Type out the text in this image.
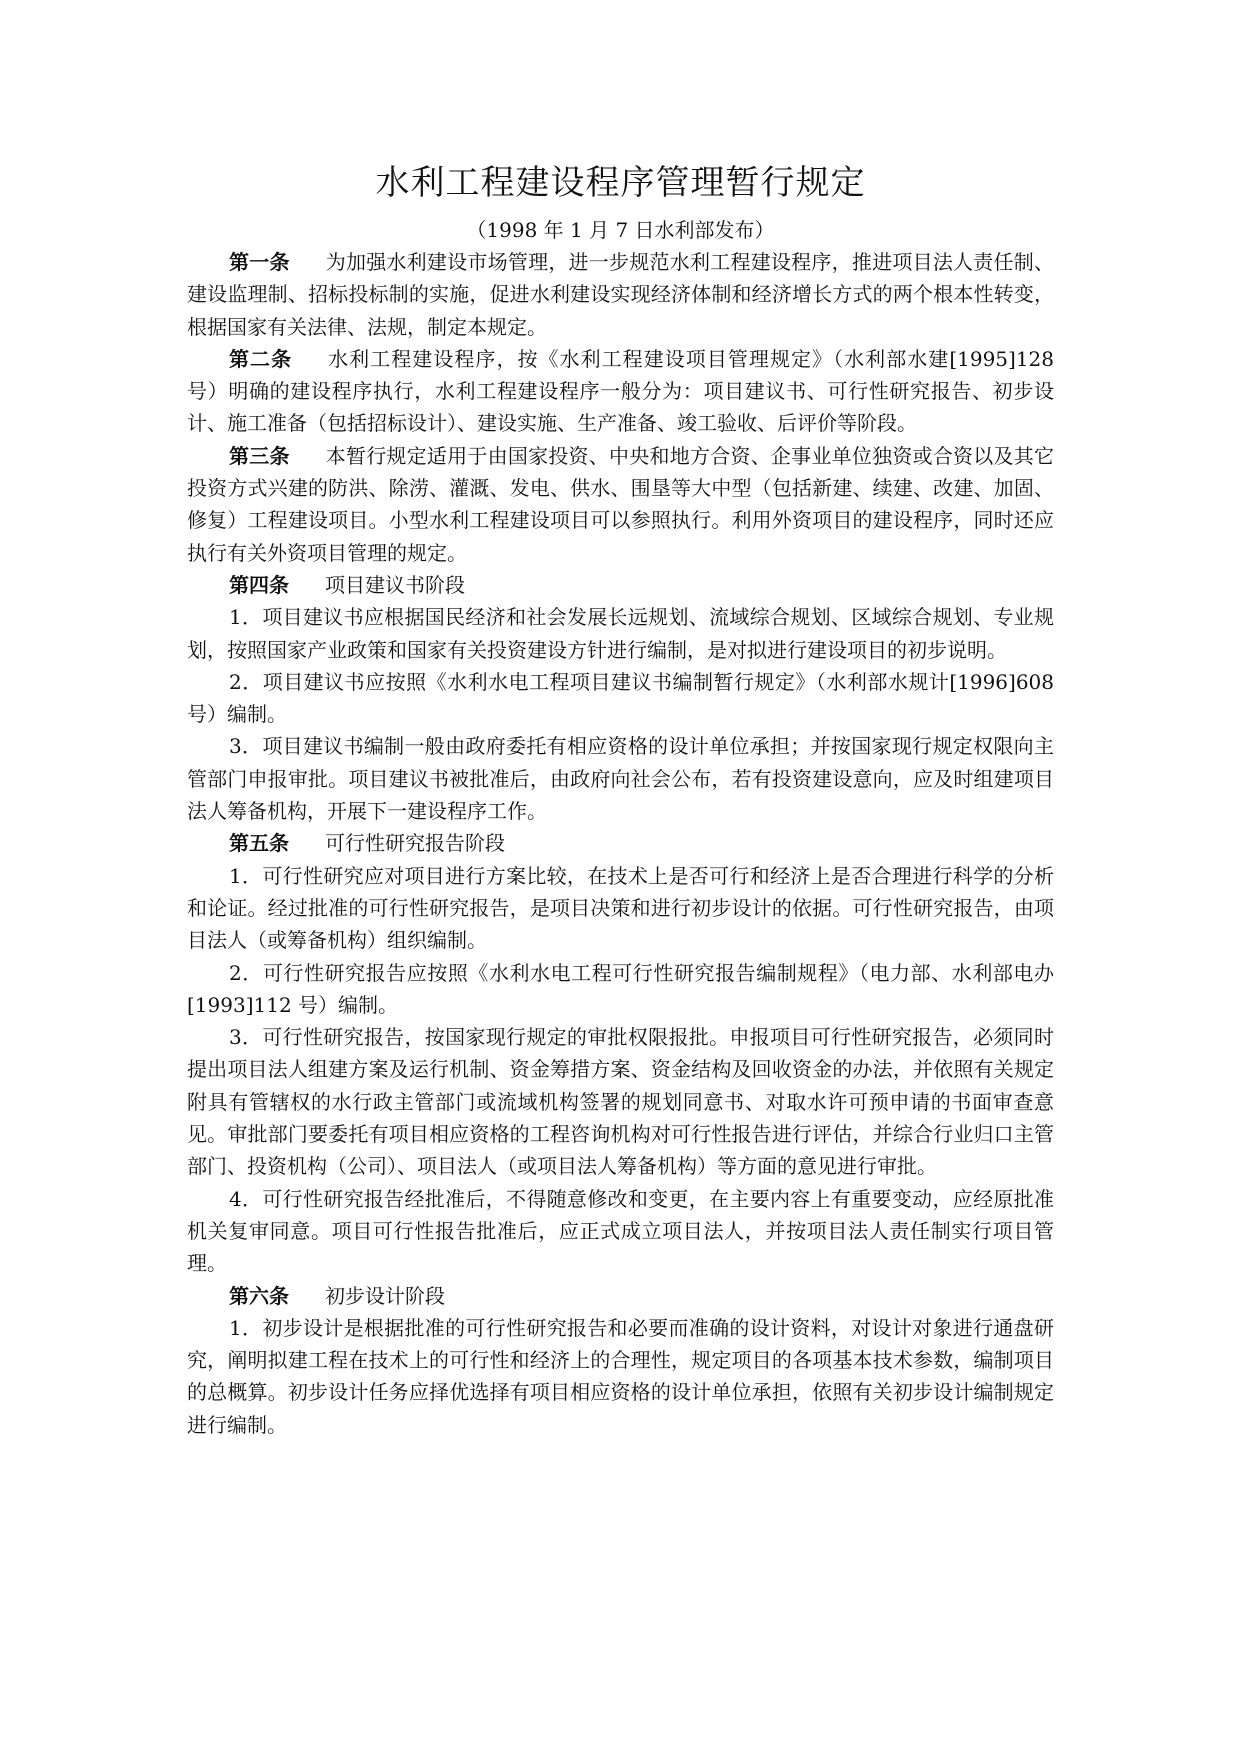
水利工程建设程序管理暂行规定
（1998 年 1 月 7 日水利部发布）

第一条 为加强水利建设市场管理，进一步规范水利工程建设程序，推进项目法人责任制、建设监理制、招标投标制的实施，促进水利建设实现经济体制和经济增长方式的两个根本性转变，根据国家有关法律、法规，制定本规定。

第二条 水利工程建设程序，按《水利工程建设项目管理规定》（水利部水建[1995]128 号）明确的建设程序执行，水利工程建设程序一般分为：项目建议书、可行性研究报告、初步设计、施工准备（包括招标设计）、建设实施、生产准备、竣工验收、后评价等阶段。

第三条 本暂行规定适用于由国家投资、中央和地方合资、企事业单位独资或合资以及其它投资方式兴建的防洪、除涝、灌溉、发电、供水、围垦等大中型（包括新建、续建、改建、加固、修复）工程建设项目。小型水利工程建设项目可以参照执行。利用外资项目的建设程序，同时还应执行有关外资项目管理的规定。

第四条 项目建议书阶段

1．项目建议书应根据国民经济和社会发展长远规划、流域综合规划、区域综合规划、专业规划，按照国家产业政策和国家有关投资建设方针进行编制，是对拟进行建设项目的初步说明。

2．项目建议书应按照《水利水电工程项目建议书编制暂行规定》（水利部水规计[1996]608 号）编制。

3．项目建议书编制一般由政府委托有相应资格的设计单位承担；并按国家现行规定权限向主管部门申报审批。项目建议书被批准后，由政府向社会公布，若有投资建设意向，应及时组建项目法人筹备机构，开展下一建设程序工作。

第五条 可行性研究报告阶段

1．可行性研究应对项目进行方案比较，在技术上是否可行和经济上是否合理进行科学的分析和论证。经过批准的可行性研究报告，是项目决策和进行初步设计的依据。可行性研究报告，由项目法人（或筹备机构）组织编制。

2．可行性研究报告应按照《水利水电工程可行性研究报告编制规程》（电力部、水利部电办[1993]112 号）编制。

3．可行性研究报告，按国家现行规定的审批权限报批。申报项目可行性研究报告，必须同时提出项目法人组建方案及运行机制、资金筹措方案、资金结构及回收资金的办法，并依照有关规定附具有管辖权的水行政主管部门或流域机构签署的规划同意书、对取水许可预申请的书面审查意见。审批部门要委托有项目相应资格的工程咨询机构对可行性报告进行评估，并综合行业归口主管部门、投资机构（公司）、项目法人（或项目法人筹备机构）等方面的意见进行审批。

4．可行性研究报告经批准后，不得随意修改和变更，在主要内容上有重要变动，应经原批准机关复审同意。项目可行性报告批准后，应正式成立项目法人，并按项目法人责任制实行项目管理。

第六条 初步设计阶段

1．初步设计是根据批准的可行性研究报告和必要而准确的设计资料，对设计对象进行通盘研究，阐明拟建工程在技术上的可行性和经济上的合理性，规定项目的各项基本技术参数，编制项目的总概算。初步设计任务应择优选择有项目相应资格的设计单位承担，依照有关初步设计编制规定进行编制。
